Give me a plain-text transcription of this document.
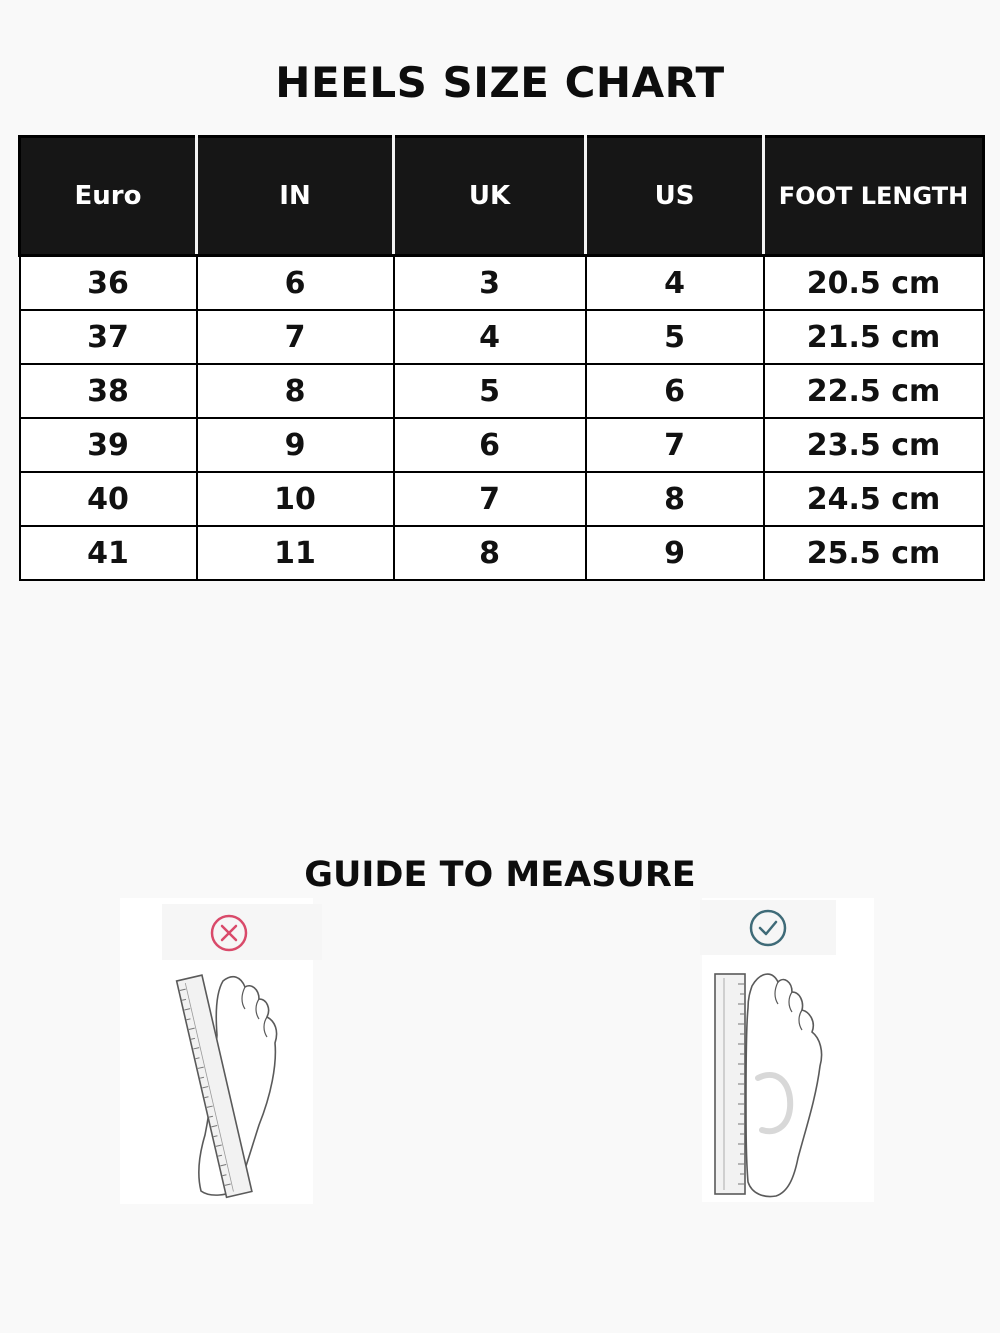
HEELS SIZE CHART
Euro	IN	UK	US	FOOT LENGTH
36	6	3	4	20.5 cm
37	7	4	5	21.5 cm
38	8	5	6	22.5 cm
39	9	6	7	23.5 cm
40	10	7	8	24.5 cm
41	11	8	9	25.5 cm
GUIDE TO MEASURE
